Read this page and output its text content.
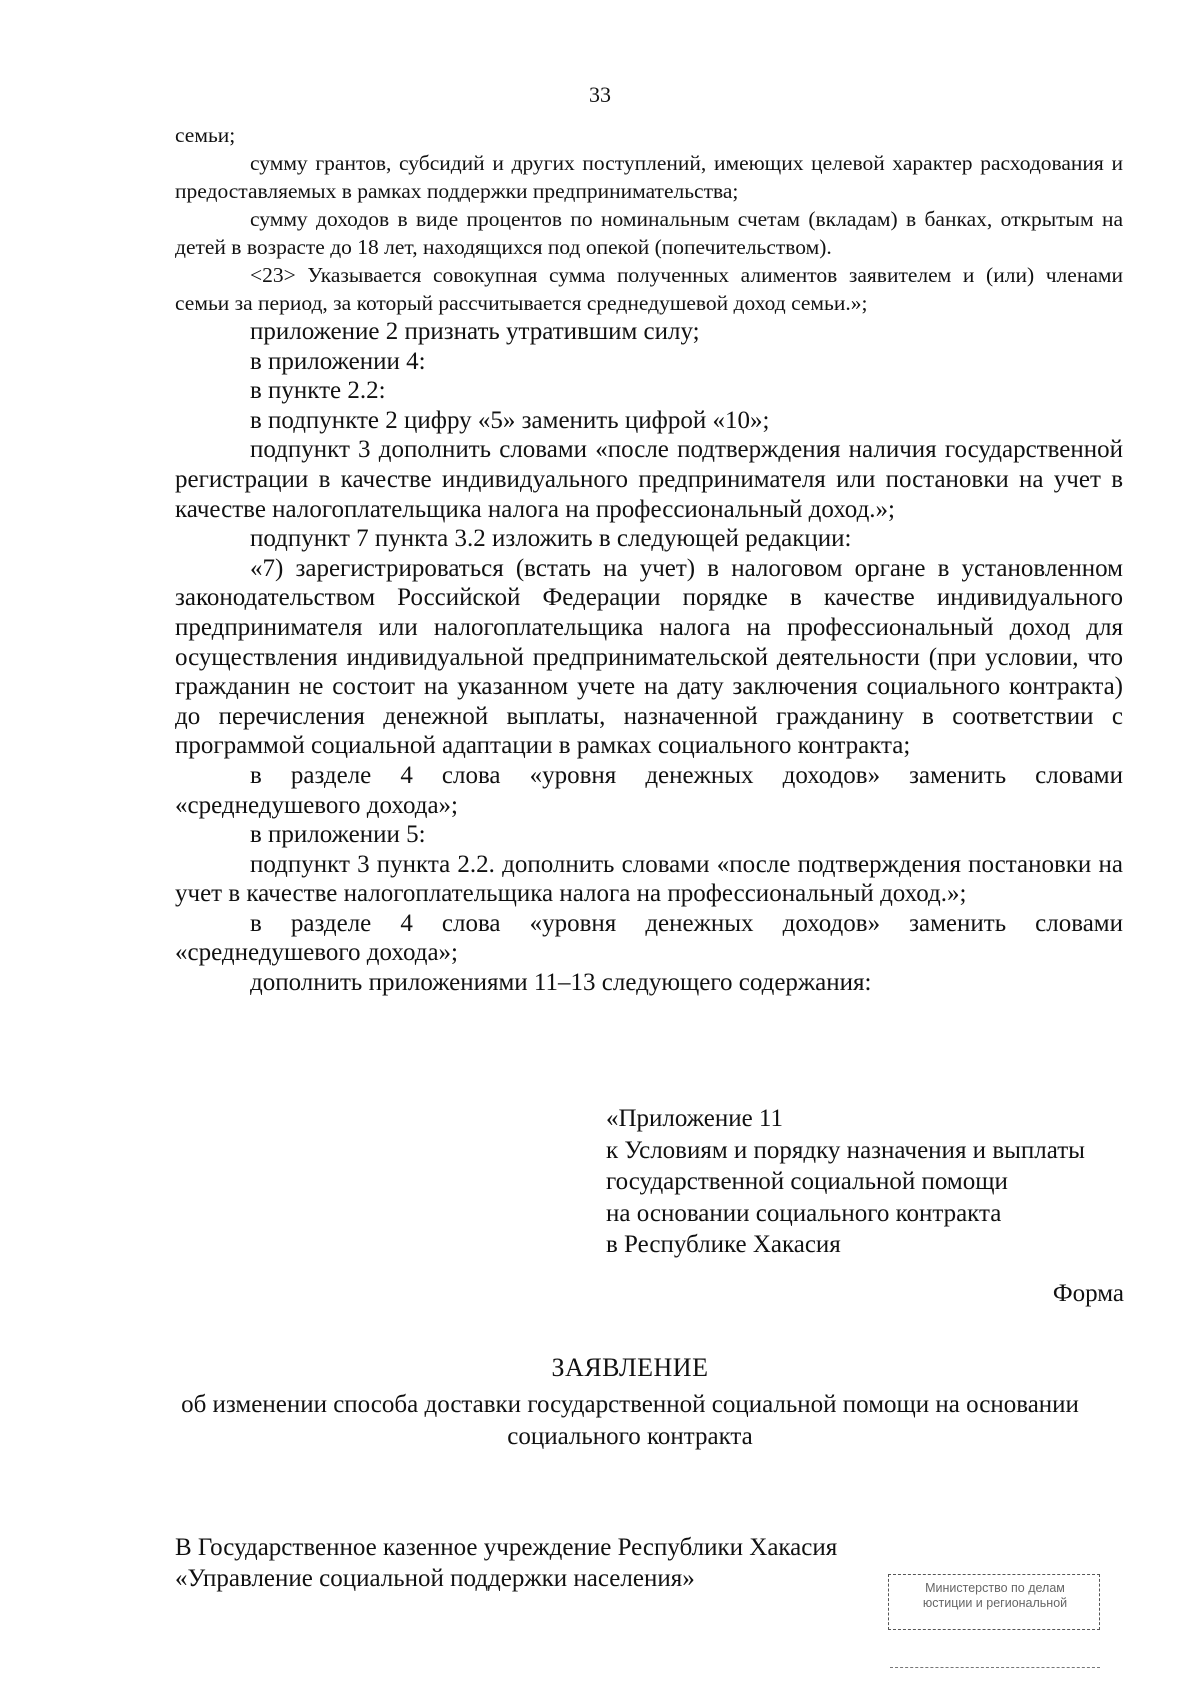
33

семьи;

сумму грантов, субсидий и других поступлений, имеющих целевой характер расходования и предоставляемых в рамках поддержки предпринимательства;

сумму доходов в виде процентов по номинальным счетам (вкладам) в банках, открытым на детей в возрасте до 18 лет, находящихся под опекой (попечительством).

<23> Указывается совокупная сумма полученных алиментов заявителем и (или) членами семьи за период, за который рассчитывается среднедушевой доход семьи.»;

приложение 2 признать утратившим силу;

в приложении 4:

в пункте 2.2:

в подпункте 2 цифру «5» заменить цифрой «10»;

подпункт 3 дополнить словами «после подтверждения наличия государственной регистрации в качестве индивидуального предпринимателя или постановки на учет в качестве налогоплательщика налога на профессиональный доход.»;

подпункт 7 пункта 3.2 изложить в следующей редакции:

«7) зарегистрироваться (встать на учет) в налоговом органе в установленном законодательством Российской Федерации порядке в качестве индивидуального предпринимателя или налогоплательщика налога на профессиональный доход для осуществления индивидуальной предпринимательской деятельности (при условии, что гражданин не состоит на указанном учете на дату заключения социального контракта) до перечисления денежной выплаты, назначенной гражданину в соответствии с программой социальной адаптации в рамках социального контракта;

в разделе 4 слова «уровня денежных доходов» заменить словами «среднедушевого дохода»;

в приложении 5:

подпункт 3 пункта 2.2. дополнить словами «после подтверждения постановки на учет в качестве налогоплательщика налога на профессиональный доход.»;

в разделе 4 слова «уровня денежных доходов» заменить словами «среднедушевого дохода»;

дополнить приложениями 11–13 следующего содержания:

«Приложение 11
к Условиям и порядку назначения и выплаты
государственной социальной помощи
на основании социального контракта
в Республике Хакасия
Форма
ЗАЯВЛЕНИЕ
об изменении способа доставки государственной социальной помощи на основании социального контракта
В Государственное казенное учреждение Республики Хакасия «Управление социальной поддержки населения»	Министерство по делам
юстиции и региональной
